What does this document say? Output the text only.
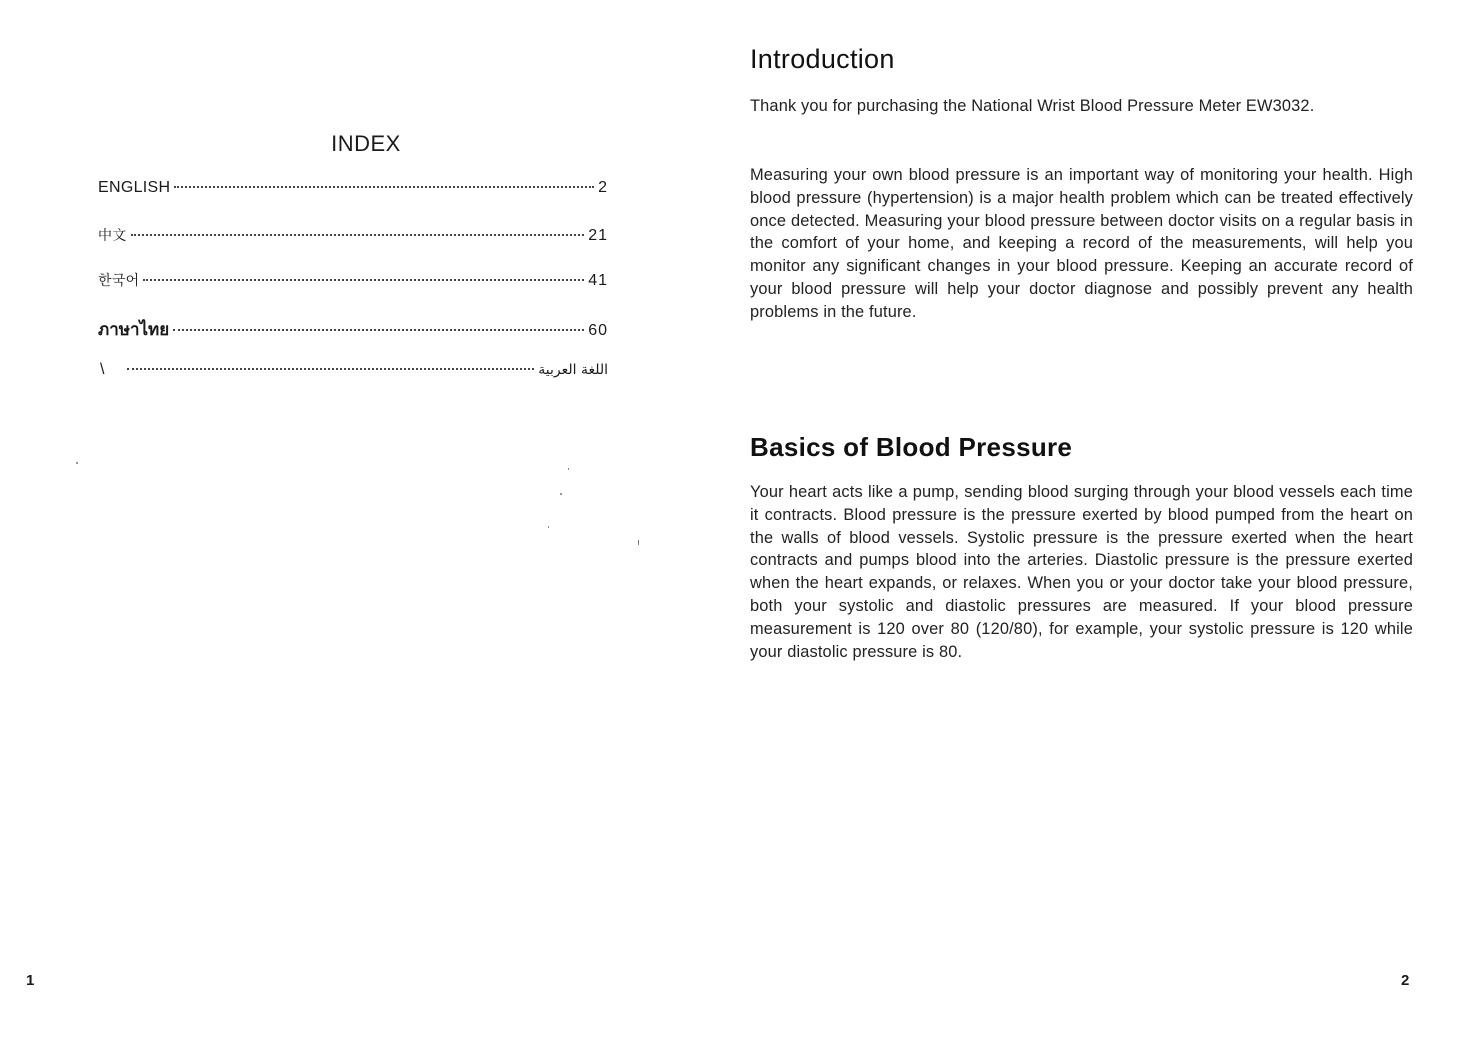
INDEX
ENGLISH	2
中文	21
한국어	41
ภาษาไทย	60
\	اللغة العربية
1
Introduction

Thank you for purchasing the National Wrist Blood Pressure Meter EW3032.

Measuring your own blood pressure is an important way of monitoring your health. High blood pressure (hypertension) is a major health problem which can be treated effectively once detected. Measuring your blood pressure between doctor visits on a regular basis in the comfort of your home, and keeping a record of the measurements, will help you monitor any significant changes in your blood pressure. Keeping an accurate record of your blood pressure will help your doctor diagnose and possibly prevent any health problems in the future.

Basics of Blood Pressure

Your heart acts like a pump, sending blood surging through your blood vessels each time it contracts. Blood pressure is the pressure exerted by blood pumped from the heart on the walls of blood vessels. Systolic pressure is the pressure exerted when the heart contracts and pumps blood into the arteries. Diastolic pressure is the pressure exerted when the heart expands, or relaxes. When you or your doctor take your blood pressure, both your systolic and diastolic pressures are measured. If your blood pressure measurement is 120 over 80 (120/80), for example, your systolic pressure is 120 while your diastolic pressure is 80.

2
